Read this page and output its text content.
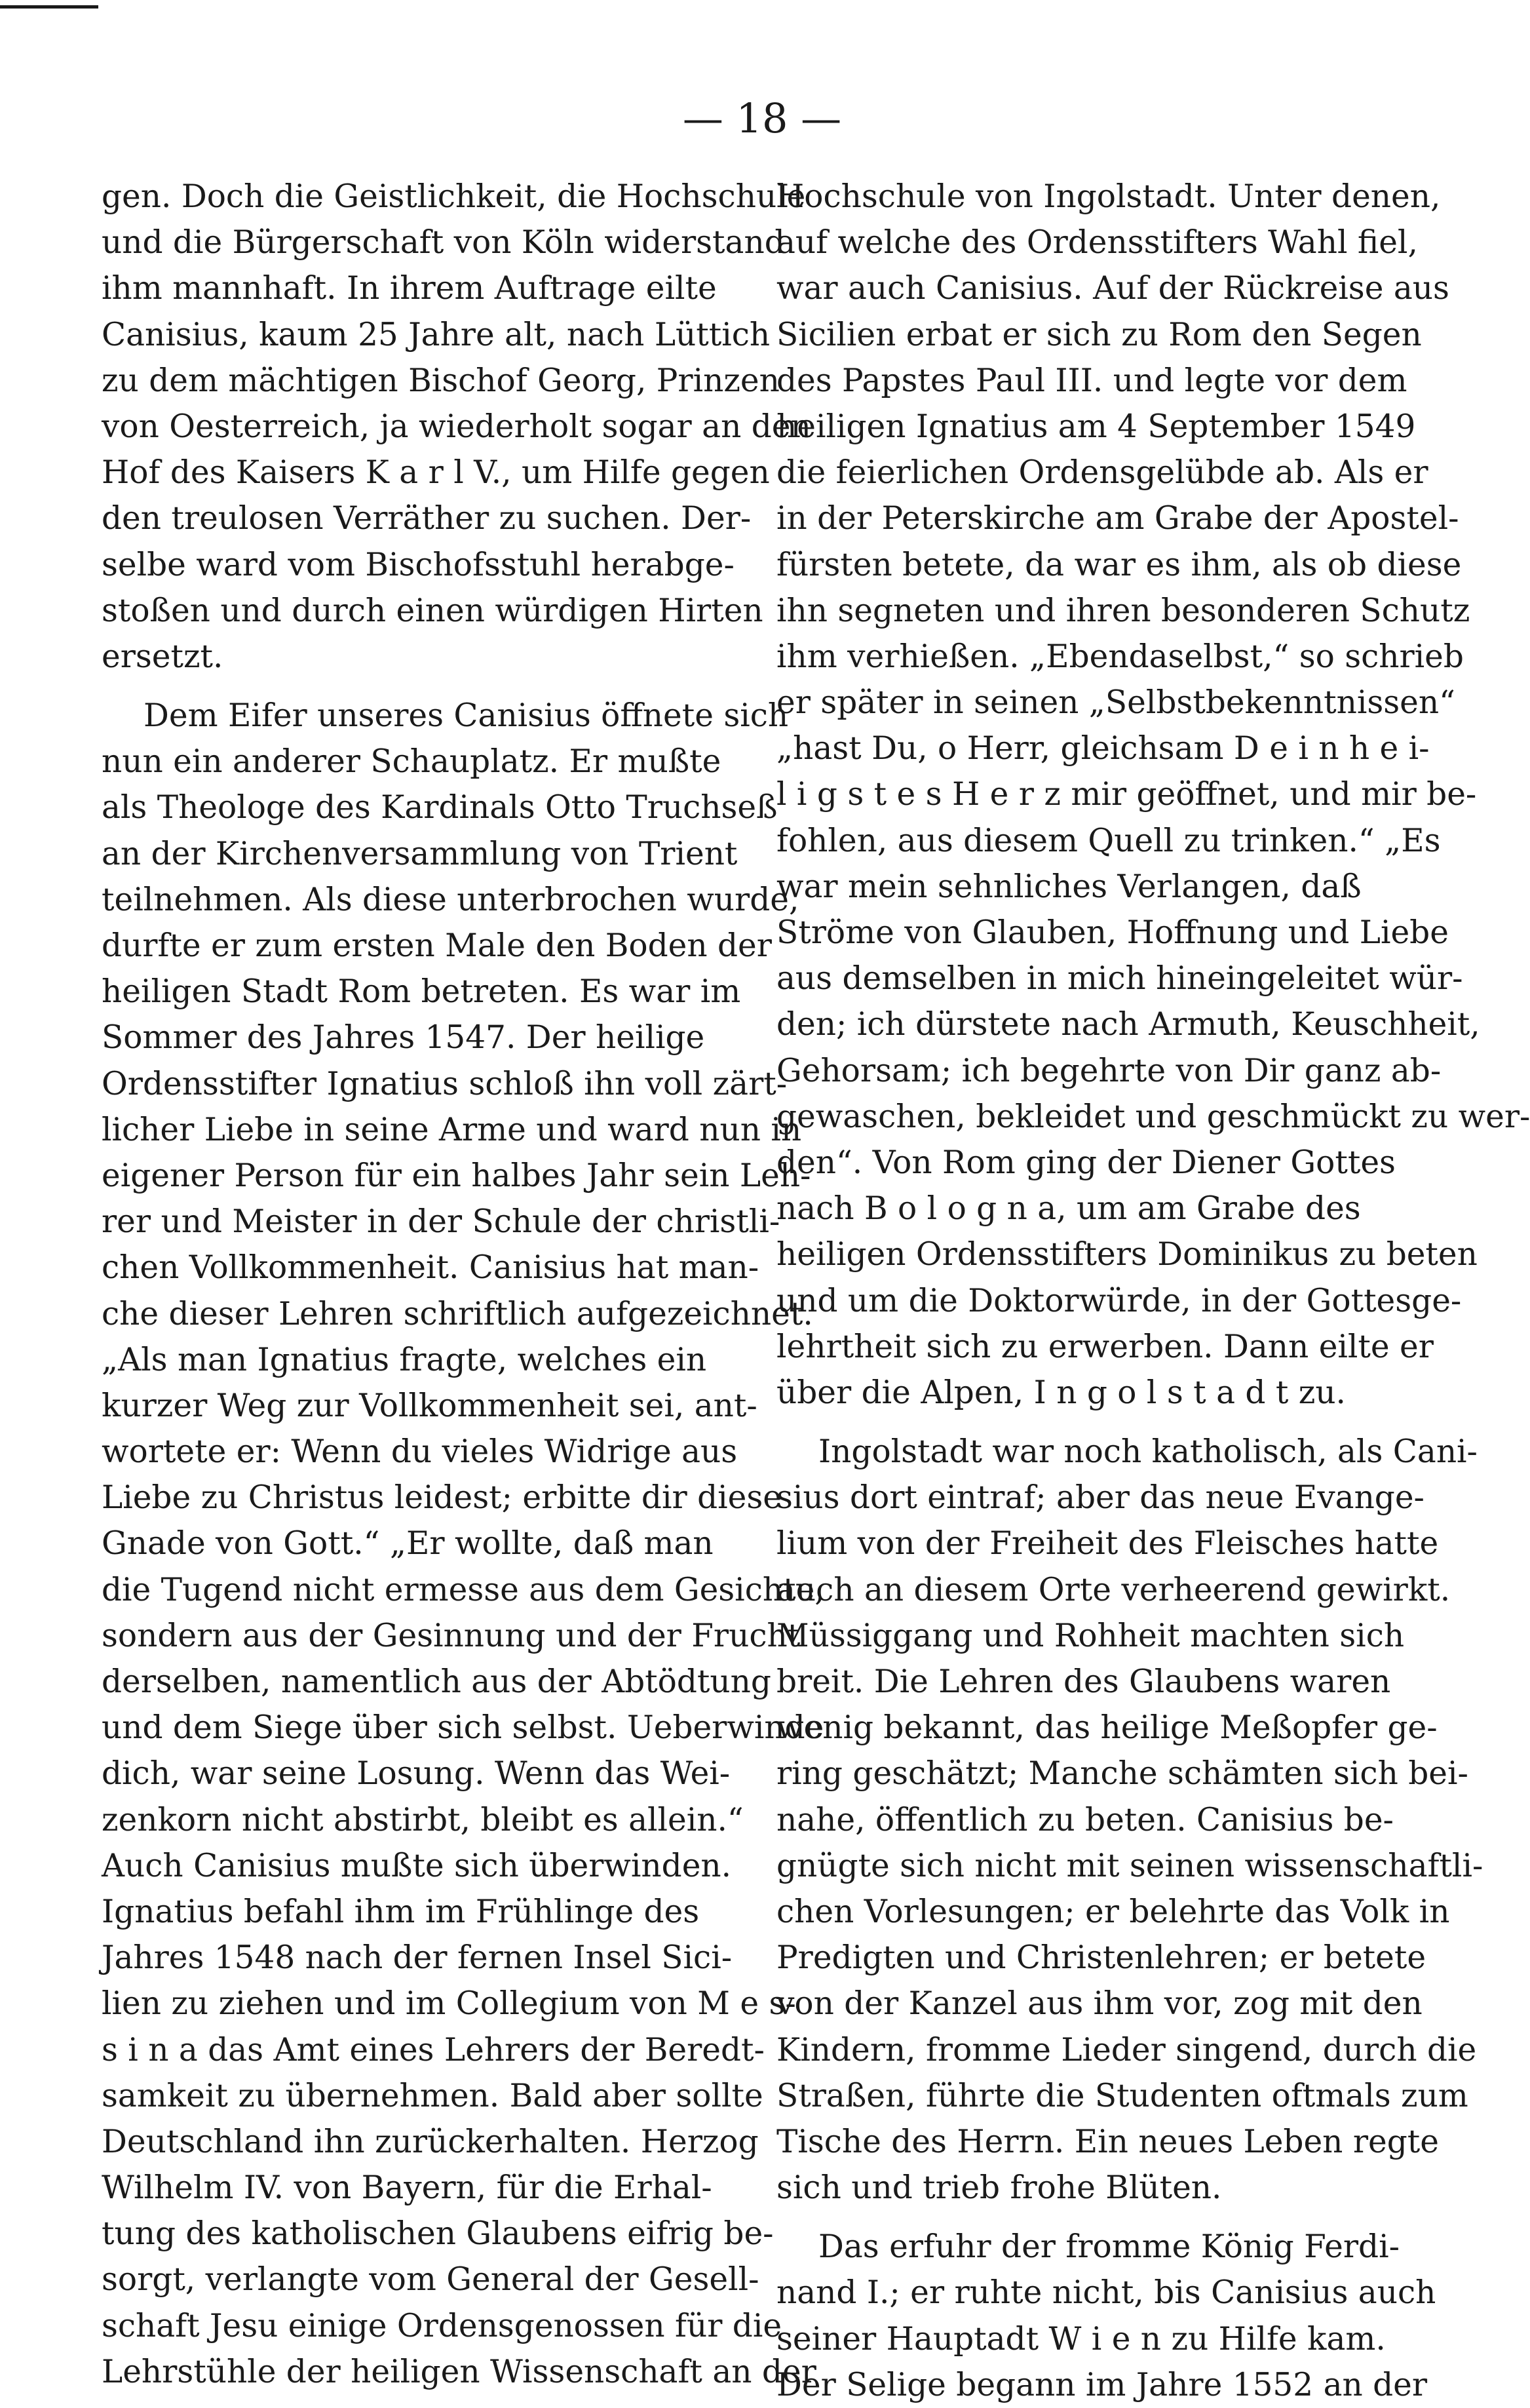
— 18 —
gen. Doch die Geistlichkeit, die Hochschule
und die Bürgerschaft von Köln widerstand
ihm mannhaft. In ihrem Auftrage eilte
Canisius, kaum 25 Jahre alt, nach Lüttich
zu dem mächtigen Bischof Georg, Prinzen
von Oesterreich, ja wiederholt sogar an den
Hof des Kaisers K a r l V., um Hilfe gegen
den treulosen Verräther zu suchen. Der-
selbe ward vom Bischofsstuhl herabge-
stoßen und durch einen würdigen Hirten
ersetzt.
Dem Eifer unseres Canisius öffnete sich
nun ein anderer Schauplatz. Er mußte
als Theologe des Kardinals Otto Truchseß
an der Kirchenversammlung von Trient
teilnehmen. Als diese unterbrochen wurde,
durfte er zum ersten Male den Boden der
heiligen Stadt Rom betreten. Es war im
Sommer des Jahres 1547. Der heilige
Ordensstifter Ignatius schloß ihn voll zärt-
licher Liebe in seine Arme und ward nun in
eigener Person für ein halbes Jahr sein Leh-
rer und Meister in der Schule der christli-
chen Vollkommenheit. Canisius hat man-
che dieser Lehren schriftlich aufgezeichnet.
„Als man Ignatius fragte, welches ein
kurzer Weg zur Vollkommenheit sei, ant-
wortete er: Wenn du vieles Widrige aus
Liebe zu Christus leidest; erbitte dir diese
Gnade von Gott.“ „Er wollte, daß man
die Tugend nicht ermesse aus dem Gesichte,
sondern aus der Gesinnung und der Frucht
derselben, namentlich aus der Abtödtung
und dem Siege über sich selbst. Ueberwinde
dich, war seine Losung. Wenn das Wei-
zenkorn nicht abstirbt, bleibt es allein.“
Auch Canisius mußte sich überwinden.
Ignatius befahl ihm im Frühlinge des
Jahres 1548 nach der fernen Insel Sici-
lien zu ziehen und im Collegium von M e s-
s i n a das Amt eines Lehrers der Beredt-
samkeit zu übernehmen. Bald aber sollte
Deutschland ihn zurückerhalten. Herzog
Wilhelm IV. von Bayern, für die Erhal-
tung des katholischen Glaubens eifrig be-
sorgt, verlangte vom General der Gesell-
schaft Jesu einige Ordensgenossen für die
Lehrstühle der heiligen Wissenschaft an der
Hochschule von Ingolstadt. Unter denen,
auf welche des Ordensstifters Wahl fiel,
war auch Canisius. Auf der Rückreise aus
Sicilien erbat er sich zu Rom den Segen
des Papstes Paul III. und legte vor dem
heiligen Ignatius am 4 September 1549
die feierlichen Ordensgelübde ab. Als er
in der Peterskirche am Grabe der Apostel-
fürsten betete, da war es ihm, als ob diese
ihn segneten und ihren besonderen Schutz
ihm verhießen. „Ebendaselbst,“ so schrieb
er später in seinen „Selbstbekenntnissen“
„hast Du, o Herr, gleichsam D e i n h e i-
l i g s t e s H e r z mir geöffnet, und mir be-
fohlen, aus diesem Quell zu trinken.“ „Es
war mein sehnliches Verlangen, daß
Ströme von Glauben, Hoffnung und Liebe
aus demselben in mich hineingeleitet wür-
den; ich dürstete nach Armuth, Keuschheit,
Gehorsam; ich begehrte von Dir ganz ab-
gewaschen, bekleidet und geschmückt zu wer-
den“. Von Rom ging der Diener Gottes
nach B o l o g n a, um am Grabe des
heiligen Ordensstifters Dominikus zu beten
und um die Doktorwürde, in der Gottesge-
lehrtheit sich zu erwerben. Dann eilte er
über die Alpen, I n g o l s t a d t zu.
Ingolstadt war noch katholisch, als Cani-
sius dort eintraf; aber das neue Evange-
lium von der Freiheit des Fleisches hatte
auch an diesem Orte verheerend gewirkt.
Müssiggang und Rohheit machten sich
breit. Die Lehren des Glaubens waren
wenig bekannt, das heilige Meßopfer ge-
ring geschätzt; Manche schämten sich bei-
nahe, öffentlich zu beten. Canisius be-
gnügte sich nicht mit seinen wissenschaftli-
chen Vorlesungen; er belehrte das Volk in
Predigten und Christenlehren; er betete
von der Kanzel aus ihm vor, zog mit den
Kindern, fromme Lieder singend, durch die
Straßen, führte die Studenten oftmals zum
Tische des Herrn. Ein neues Leben regte
sich und trieb frohe Blüten.
Das erfuhr der fromme König Ferdi-
nand I.; er ruhte nicht, bis Canisius auch
seiner Hauptadt W i e n zu Hilfe kam.
Der Selige begann im Jahre 1552 an der
